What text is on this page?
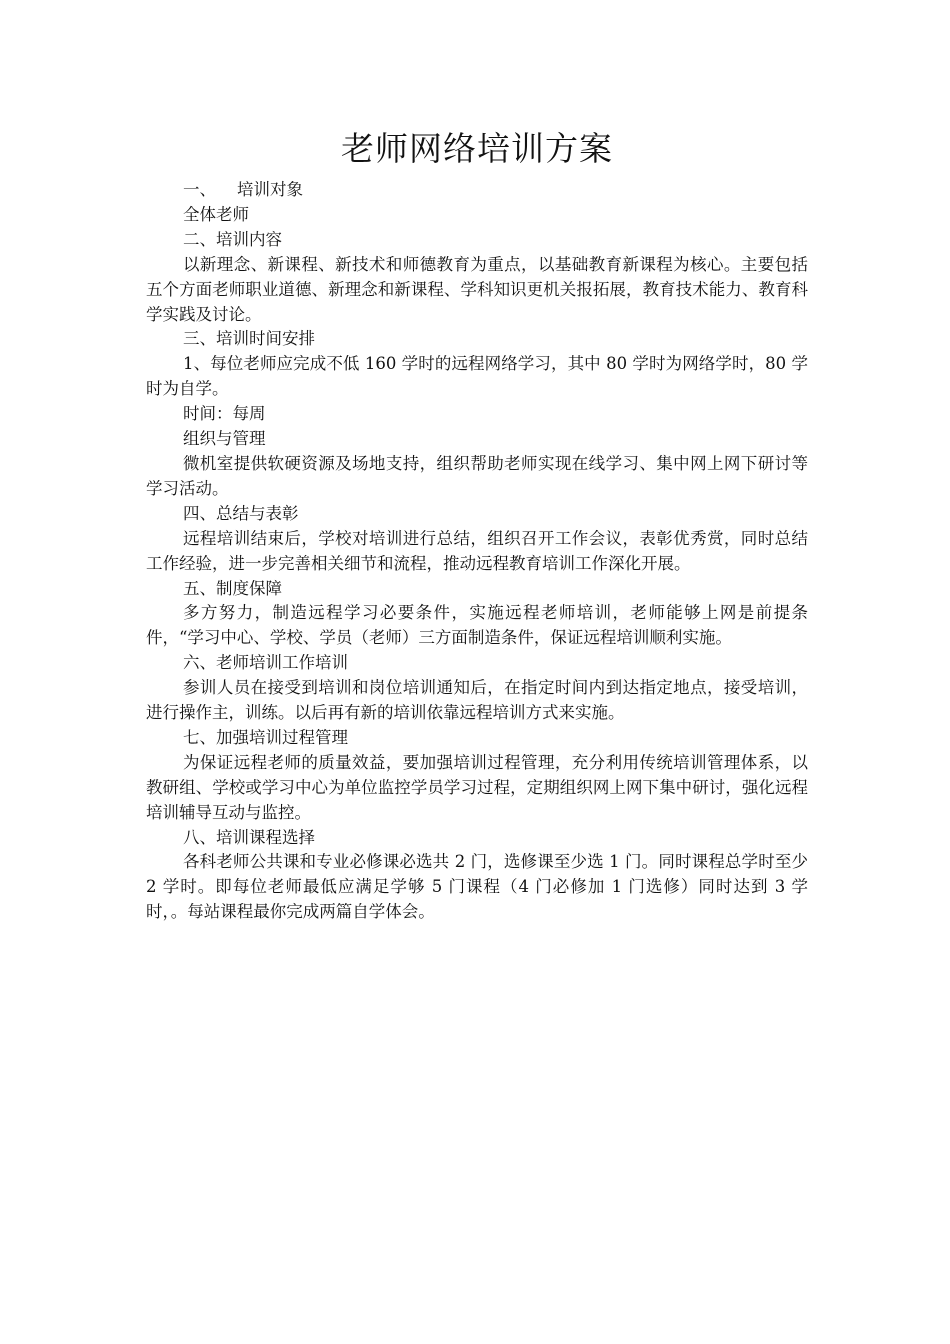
老师网络培训方案

一、    培训对象

全体老师

二、培训内容

以新理念、新课程、新技术和师德教育为重点，以基础教育新课程为核心。主要包括五个方面老师职业道德、新理念和新课程、学科知识更机关报拓展，教育技术能力、教育科学实践及讨论。

三、培训时间安排

1、每位老师应完成不低 160 学时的远程网络学习，其中 80 学时为网络学时，80 学时为自学。

时间：每周

组织与管理

微机室提供软硬资源及场地支持，组织帮助老师实现在线学习、集中网上网下研讨等学习活动。

四、总结与表彰

远程培训结束后，学校对培训进行总结，组织召开工作会议，表彰优秀赏，同时总结工作经验，进一步完善相关细节和流程，推动远程教育培训工作深化开展。

五、制度保障

多方努力，制造远程学习必要条件，实施远程老师培训，老师能够上网是前提条件，“学习中心、学校、学员（老师）三方面制造条件，保证远程培训顺利实施。

六、老师培训工作培训

参训人员在接受到培训和岗位培训通知后，在指定时间内到达指定地点，接受培训，进行操作主，训练。以后再有新的培训依靠远程培训方式来实施。

七、加强培训过程管理

为保证远程老师的质量效益，要加强培训过程管理，充分利用传统培训管理体系，以教研组、学校或学习中心为单位监控学员学习过程，定期组织网上网下集中研讨，强化远程培训辅导互动与监控。

八、培训课程选择

各科老师公共课和专业必修课必选共 2 门，选修课至少选 1 门。同时课程总学时至少 2 学时。即每位老师最低应满足学够 5 门课程（4 门必修加 1 门选修）同时达到 3 学时，。每站课程最你完成两篇自学体会。
